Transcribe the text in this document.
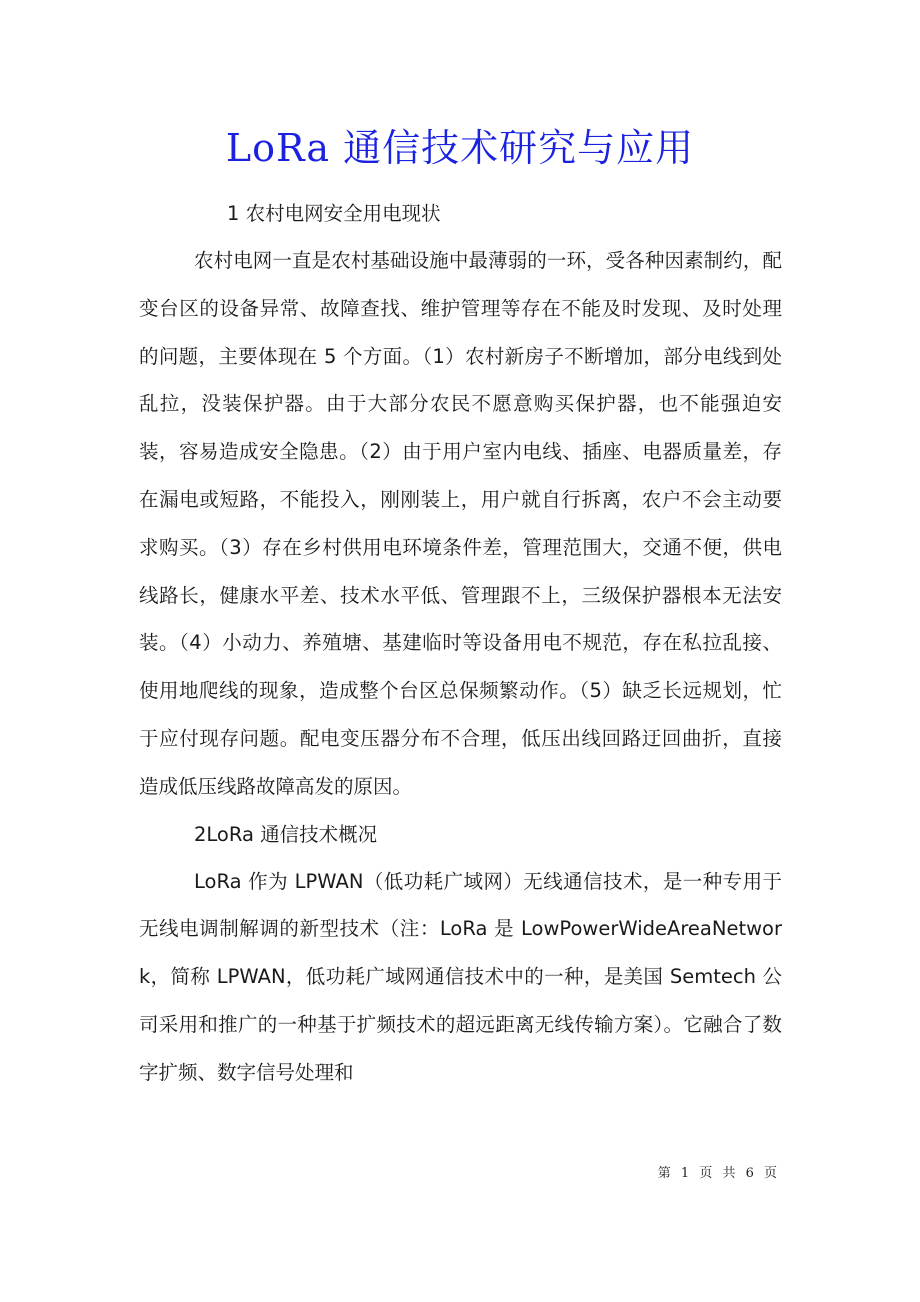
LoRa 通信技术研究与应用

1 农村电网安全用电现状

农村电网一直是农村基础设施中最薄弱的一环，受各种因素制约，配变台区的设备异常、故障查找、维护管理等存在不能及时发现、及时处理的问题，主要体现在 5 个方面。（1）农村新房子不断增加，部分电线到处乱拉，没装保护器。由于大部分农民不愿意购买保护器，也不能强迫安装，容易造成安全隐患。（2）由于用户室内电线、插座、电器质量差，存在漏电或短路，不能投入，刚刚装上，用户就自行拆离，农户不会主动要求购买。（3）存在乡村供用电环境条件差，管理范围大，交通不便，供电线路长，健康水平差、技术水平低、管理跟不上，三级保护器根本无法安装。（4）小动力、养殖塘、基建临时等设备用电不规范，存在私拉乱接、使用地爬线的现象，造成整个台区总保频繁动作。（5）缺乏长远规划，忙于应付现存问题。配电变压器分布不合理，低压出线回路迂回曲折，直接造成低压线路故障高发的原因。

2LoRa 通信技术概况

LoRa 作为 LPWAN（低功耗广域网）无线通信技术，是一种专用于无线电调制解调的新型技术（注：LoRa 是 LowPowerWideAreaNetwork，简称 LPWAN，低功耗广域网通信技术中的一种，是美国 Semtech 公司采用和推广的一种基于扩频技术的超远距离无线传输方案）。它融合了数字扩频、数字信号处理和

第 1 页 共 6 页
